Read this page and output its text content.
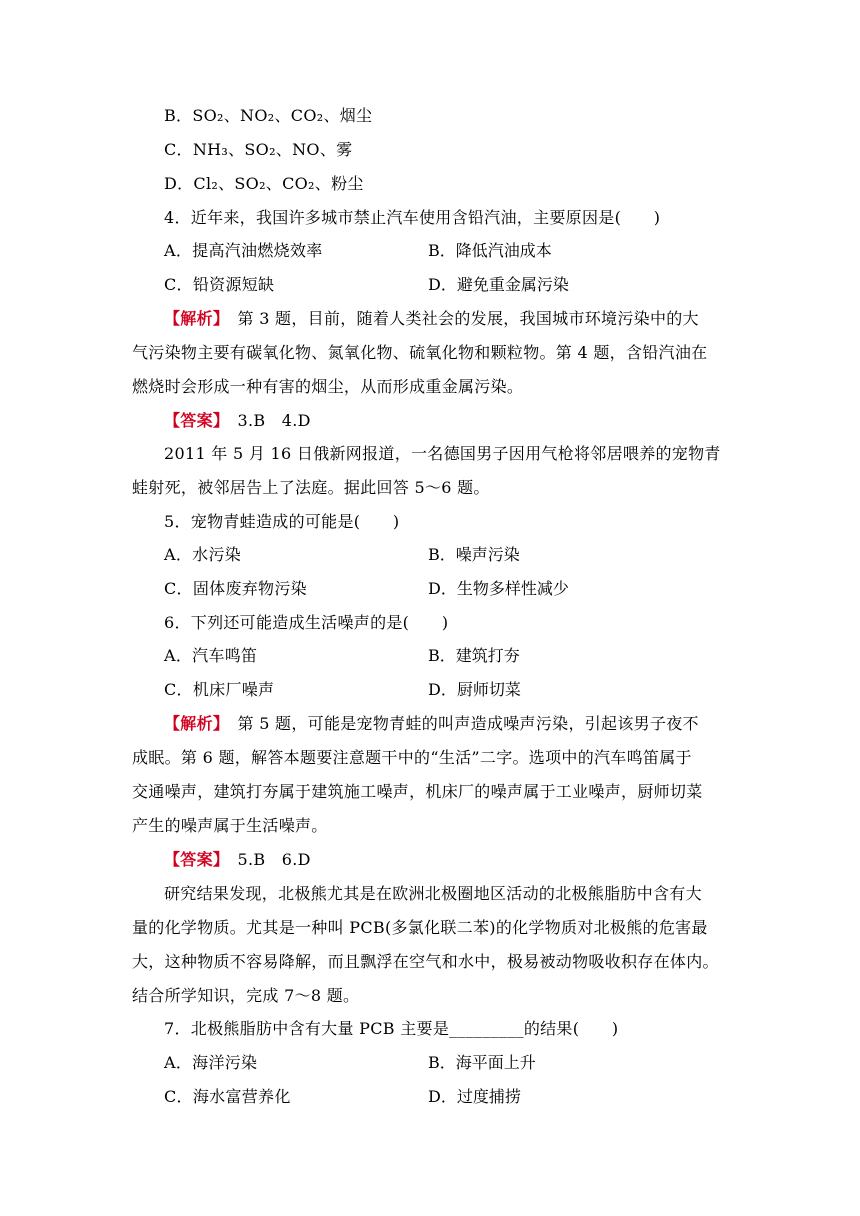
B．SO₂、NO₂、CO₂、烟尘
C．NH₃、SO₂、NO、雾
D．Cl₂、SO₂、CO₂、粉尘
4．近年来，我国许多城市禁止汽车使用含铅汽油，主要原因是(　　)
A．提高汽油燃烧效率	B．降低汽油成本
C．铅资源短缺	D．避免重金属污染
【解析】　第 3 题，目前，随着人类社会的发展，我国城市环境污染中的大
气污染物主要有碳氧化物、氮氧化物、硫氧化物和颗粒物。第 4 题，含铅汽油在
燃烧时会形成一种有害的烟尘，从而形成重金属污染。
【答案】　3.B　4.D
2011 年 5 月 16 日俄新网报道，一名德国男子因用气枪将邻居喂养的宠物青
蛙射死，被邻居告上了法庭。据此回答 5～6 题。
5．宠物青蛙造成的可能是(　　)
A．水污染	B．噪声污染
C．固体废弃物污染	D．生物多样性减少
6．下列还可能造成生活噪声的是(　　)
A．汽车鸣笛	B．建筑打夯
C．机床厂噪声	D．厨师切菜
【解析】　第 5 题，可能是宠物青蛙的叫声造成噪声污染，引起该男子夜不
成眠。第 6 题，解答本题要注意题干中的“生活”二字。选项中的汽车鸣笛属于
交通噪声，建筑打夯属于建筑施工噪声，机床厂的噪声属于工业噪声，厨师切菜
产生的噪声属于生活噪声。
【答案】　5.B　6.D
研究结果发现，北极熊尤其是在欧洲北极圈地区活动的北极熊脂肪中含有大
量的化学物质。尤其是一种叫 PCB(多氯化联二苯)的化学物质对北极熊的危害最
大，这种物质不容易降解，而且飘浮在空气和水中，极易被动物吸收积存在体内。
结合所学知识，完成 7～8 题。
7．北极熊脂肪中含有大量 PCB 主要是_________的结果(　　)
A．海洋污染	B．海平面上升
C．海水富营养化	D．过度捕捞
